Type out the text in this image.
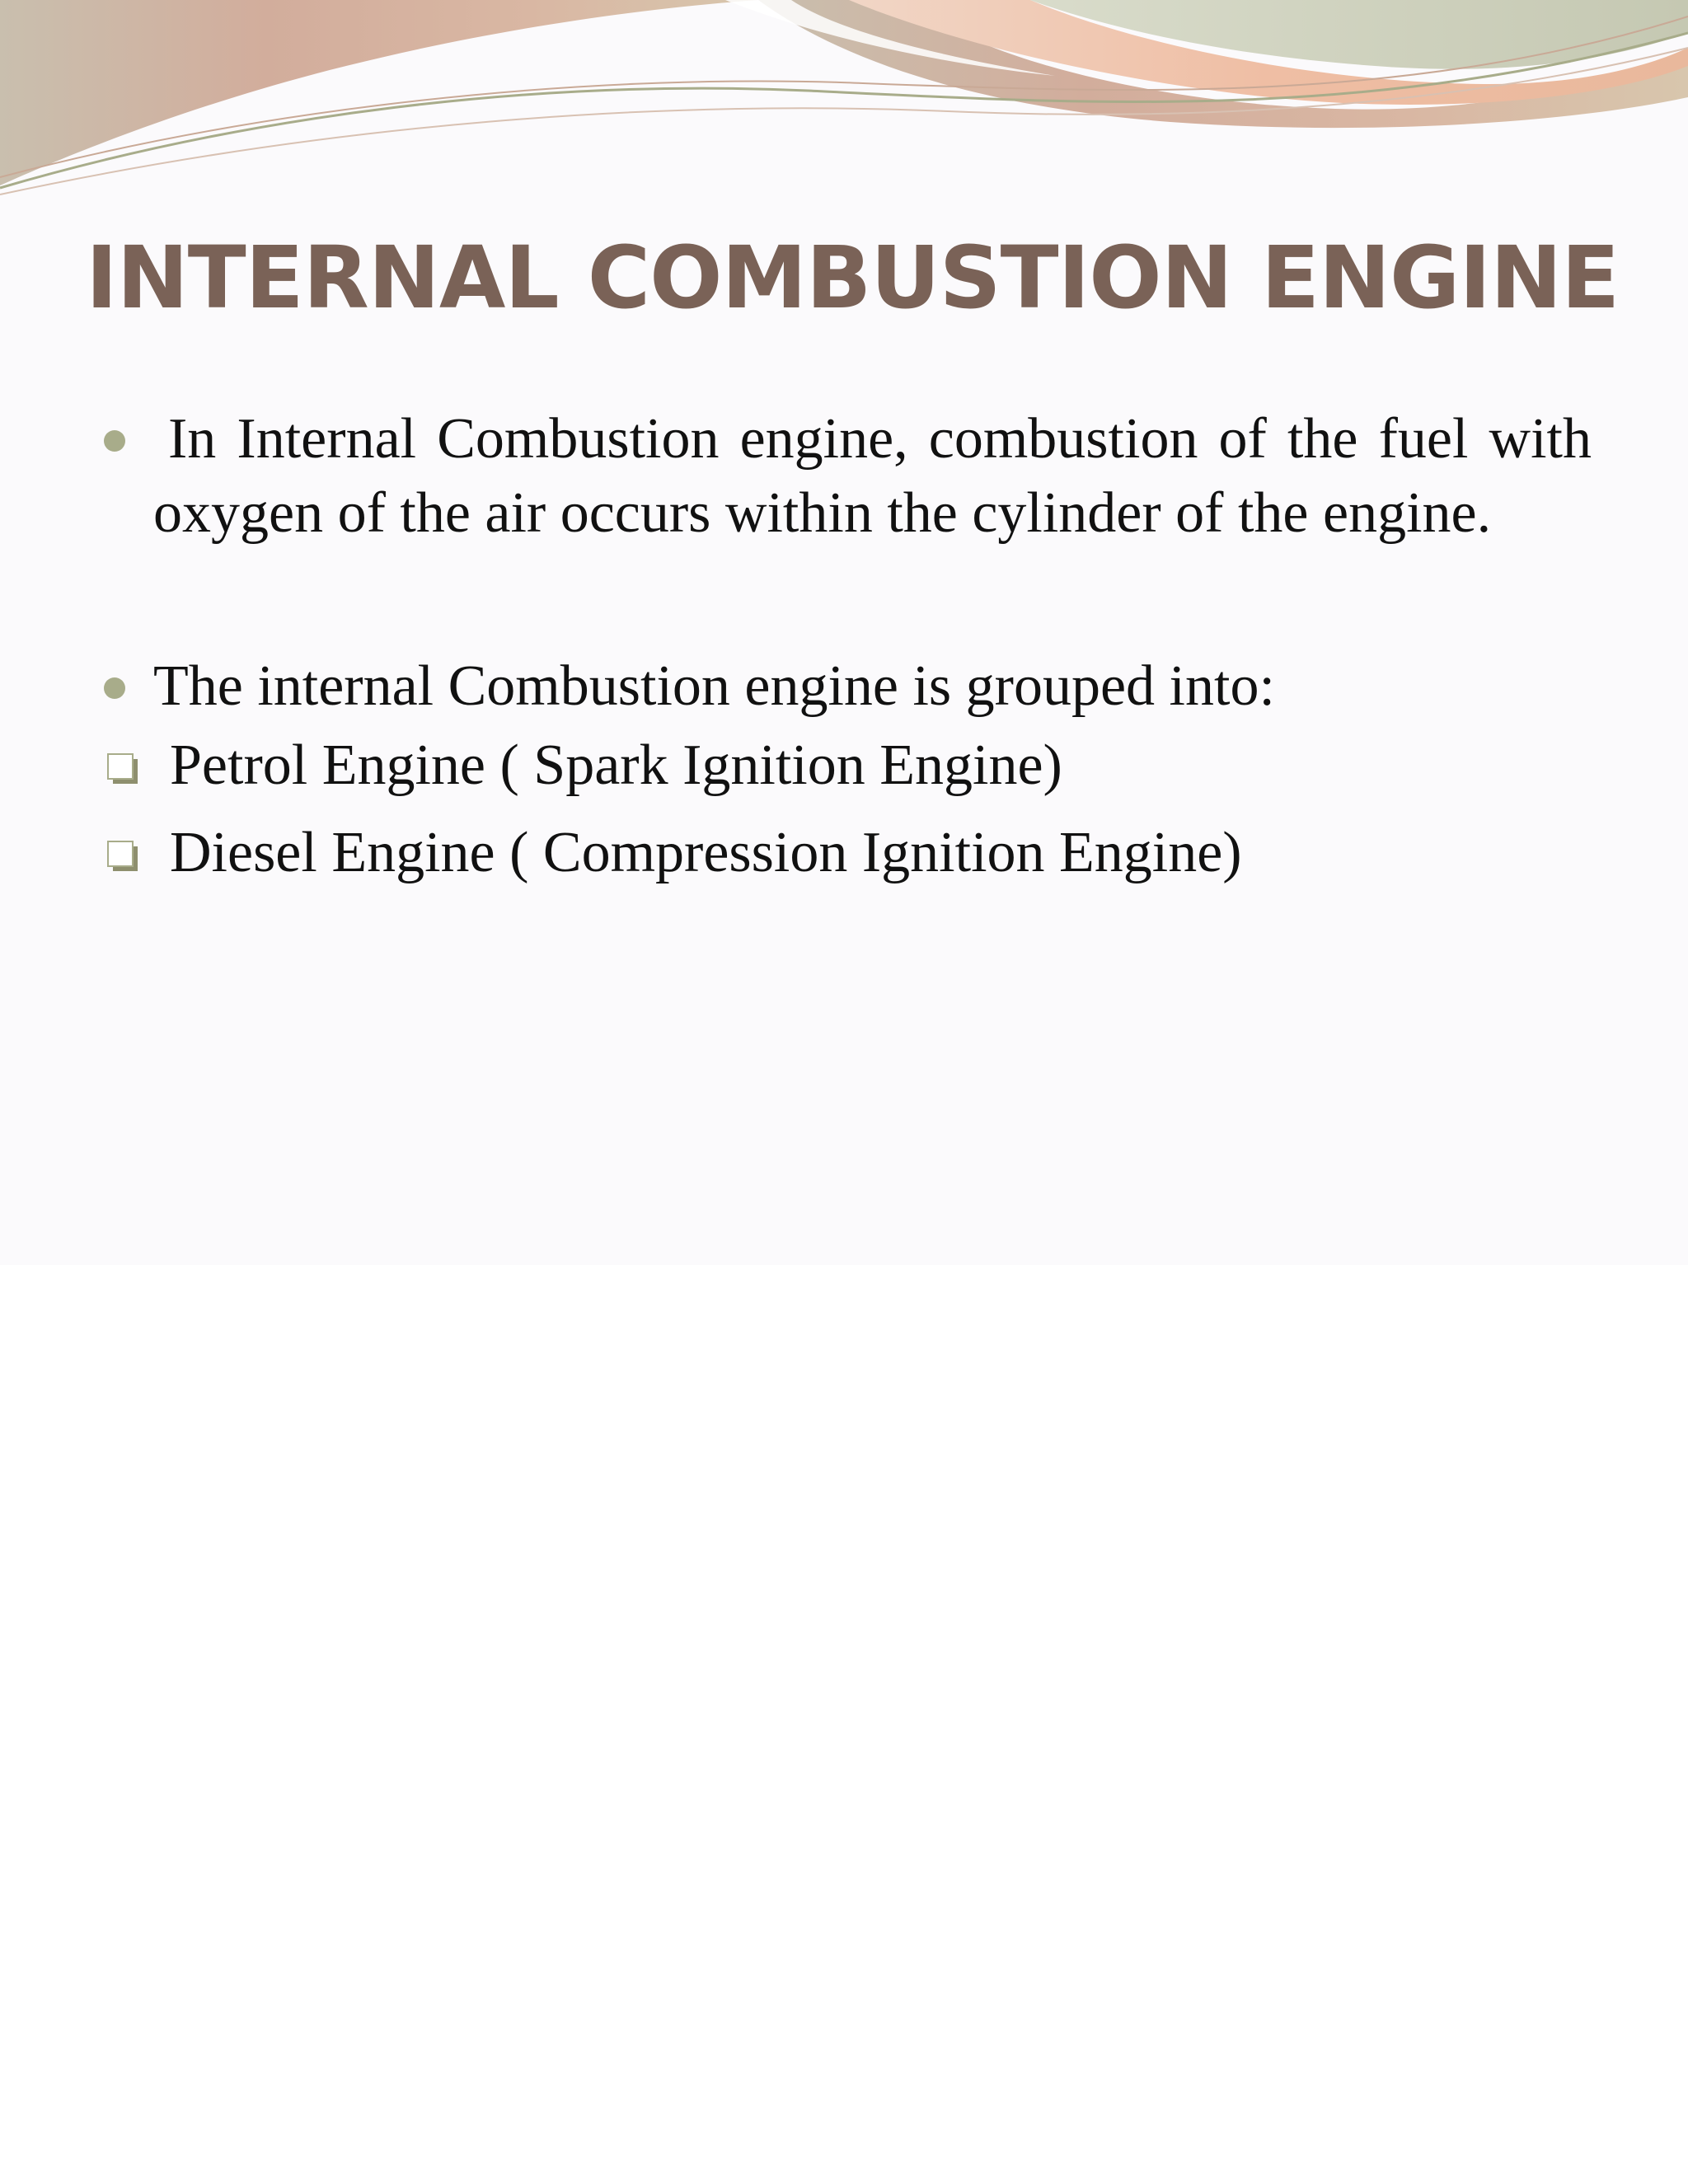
INTERNAL COMBUSTION ENGINE
In Internal Combustion engine, combustion of the fuel with oxygen of the air occurs within the cylinder of the engine.
The internal Combustion engine is grouped into:
Petrol Engine ( Spark Ignition Engine)
Diesel Engine ( Compression Ignition Engine)
